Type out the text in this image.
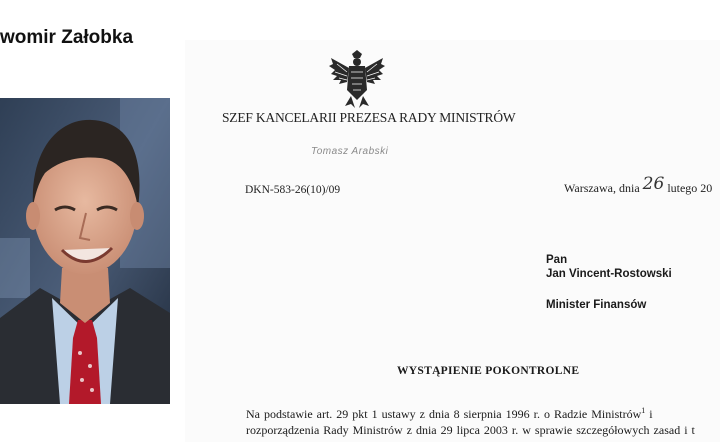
womir Załobka
SZEF KANCELARII PREZESA RADY MINISTRÓW
Tomasz Arabski
DKN-583-26(10)/09	Warszawa, dnia 26 lutego 20
Pan
Jan Vincent-Rostowski
Minister Finansów
WYSTĄPIENIE POKONTROLNE
Na podstawie art. 29 pkt 1 ustawy z dnia 8 sierpnia 1996 r. o Radzie Ministrów$^1$ i
rozporządzenia Rady Ministrów z dnia 29 lipca 2003 r. w sprawie szczegółowych zasad i t
